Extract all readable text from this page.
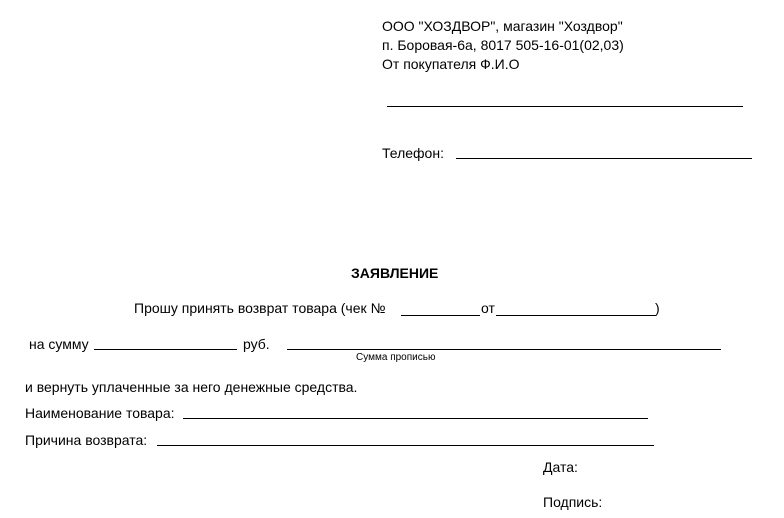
ООО "ХОЗДВОР", магазин "Хоздвор"
п. Боровая-6а, 8017 505-16-01(02,03)
От покупателя Ф.И.О
Телефон:
ЗАЯВЛЕНИЕ
Прошу принять возврат товара (чек №	от	)
на сумму	руб.
Сумма прописью
и вернуть уплаченные за него денежные средства.
Наименование товара:
Причина возврата:
Дата:
Подпись:
